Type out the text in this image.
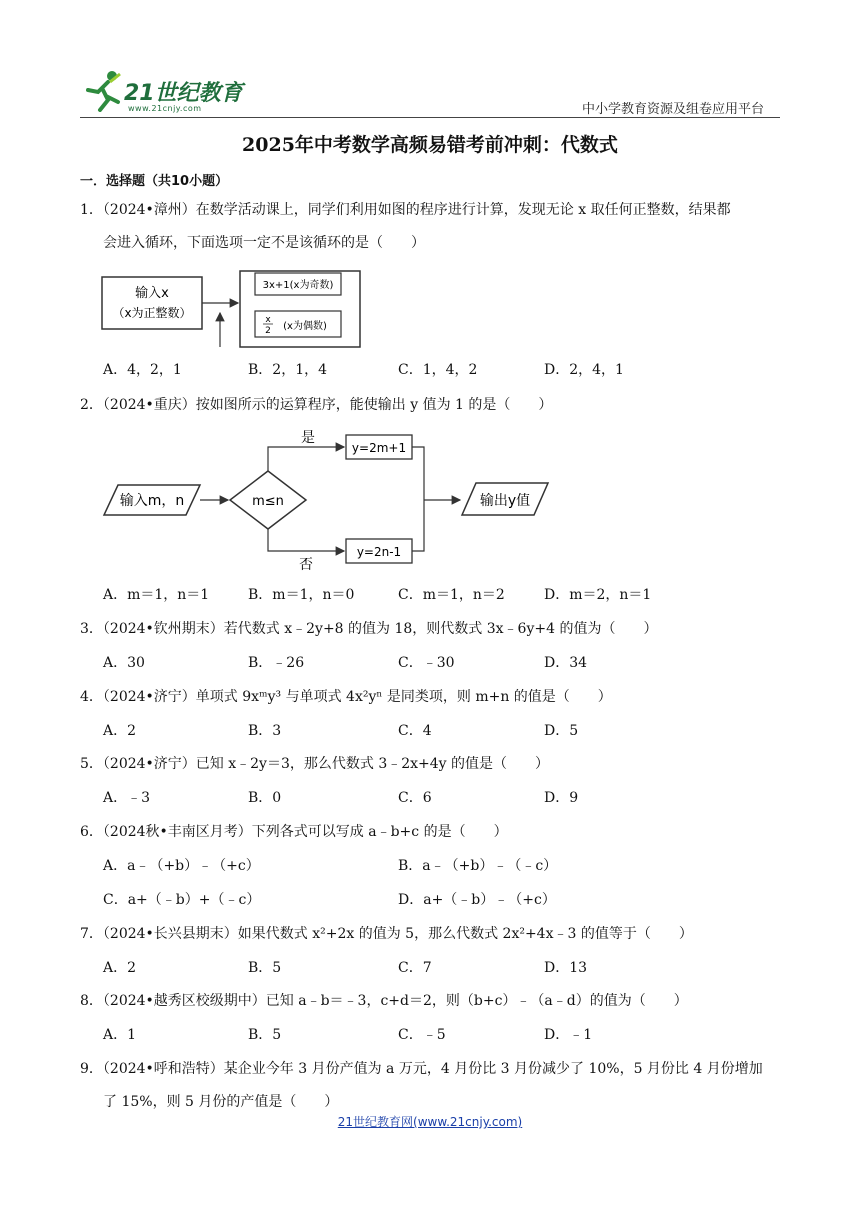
21世纪教育
www.21cnjy.com	中小学教育资源及组卷应用平台
2025年中考数学高频易错考前冲刺：代数式
一．选择题（共10小题）
1．（2024•漳州）在数学活动课上，同学们利用如图的程序进行计算，发现无论 x 取任何正整数，结果都
会进入循环，下面选项一定不是该循环的是（　　）
输入x
（x为正整数）
3x+1(x为奇数)
x
2 (x为偶数)
A．4，2，1	B．2，1，4	C．1，4，2	D．2，4，1
2．（2024•重庆）按如图所示的运算程序，能使输出 y 值为 1 的是（　　）
输入m，n	m≤n
是
否
y=2m+1
y=2n-1
输出y值
A．m＝1，n＝1	B．m＝1，n＝0	C．m＝1，n＝2	D．m＝2，n＝1
3．（2024•钦州期末）若代数式 x﹣2y+8 的值为 18，则代数式 3x﹣6y+4 的值为（　　）
A．30	B．﹣26	C．﹣30	D．34
4．（2024•济宁）单项式 9xᵐy³ 与单项式 4x²yⁿ 是同类项，则 m+n 的值是（　　）
A．2	B．3	C．4	D．5
5．（2024•济宁）已知 x﹣2y＝3，那么代数式 3﹣2x+4y 的值是（　　）
A．﹣3	B．0	C．6	D．9
6．（2024秋•丰南区月考）下列各式可以写成 a﹣b+c 的是（　　）
A．a﹣（+b）﹣（+c）	B．a﹣（+b）﹣（﹣c）
C．a+（﹣b）+（﹣c）	D．a+（﹣b）﹣（+c）
7．（2024•长兴县期末）如果代数式 x²+2x 的值为 5，那么代数式 2x²+4x﹣3 的值等于（　　）
A．2	B．5	C．7	D．13
8．（2024•越秀区校级期中）已知 a﹣b＝﹣3，c+d＝2，则（b+c）﹣（a﹣d）的值为（　　）
A．1	B．5	C．﹣5	D．﹣1
9．（2024•呼和浩特）某企业今年 3 月份产值为 a 万元，4 月份比 3 月份减少了 10%，5 月份比 4 月份增加
了 15%，则 5 月份的产值是（　　）
21世纪教育网(www.21cnjy.com)
